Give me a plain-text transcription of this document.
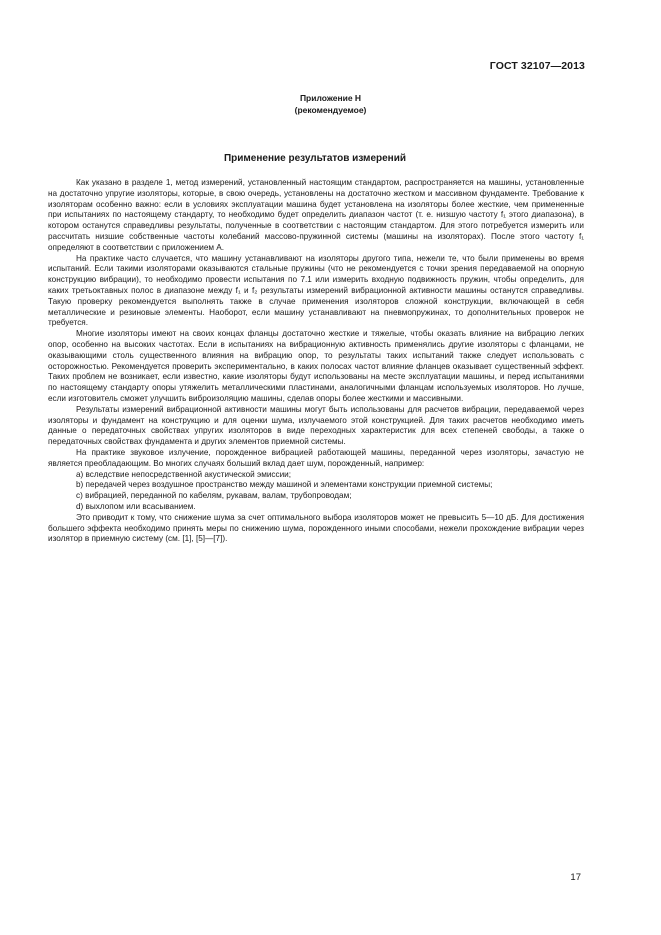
ГОСТ 32107—2013
Приложение Н
(рекомендуемое)
Применение результатов измерений

Как указано в разделе 1, метод измерений, установленный настоящим стандартом, распространяется на машины, установленные на достаточно упругие изоляторы, которые, в свою очередь, установлены на достаточно жестком и массивном фундаменте. Требование к изоляторам особенно важно: если в условиях эксплуатации машина будет установлена на изоляторы более жесткие, чем примененные при испытаниях по настоящему стандарту, то необходимо будет определить диапазон частот (т. е. низшую частоту f₁ этого диапазона), в котором останутся справедливы результаты, полученные в соответствии с настоящим стандартом. Для этого потребуется измерить или рассчитать низшие собственные частоты колебаний массово-пружинной системы (машины на изоляторах). После этого частоту f₁ определяют в соответствии с приложением А.

На практике часто случается, что машину устанавливают на изоляторы другого типа, нежели те, что были применены во время испытаний. Если такими изоляторами оказываются стальные пружины (что не рекомендуется с точки зрения передаваемой на опорную конструкцию вибрации), то необходимо провести испытания по 7.1 или измерить входную подвижность пружин, чтобы определить, для каких третьоктавных полос в диапазоне между f₁ и f₂ результаты измерений вибрационной активности машины останутся справедливы. Такую проверку рекомендуется выполнять также в случае применения изоляторов сложной конструкции, включающей в себя металлические и резиновые элементы. Наоборот, если машину устанавливают на пневмопружинах, то дополнительных проверок не требуется.

Многие изоляторы имеют на своих концах фланцы достаточно жесткие и тяжелые, чтобы оказать влияние на вибрацию легких опор, особенно на высоких частотах. Если в испытаниях на вибрационную активность применялись другие изоляторы с фланцами, не оказывающими столь существенного влияния на вибрацию опор, то результаты таких испытаний также следует использовать с осторожностью. Рекомендуется проверить экспериментально, в каких полосах частот влияние фланцев оказывает существенный эффект. Таких проблем не возникает, если известно, какие изоляторы будут использованы на месте эксплуатации машины, и перед испытаниями по настоящему стандарту опоры утяжелить металлическими пластинами, аналогичными фланцам используемых изоляторов. Но лучше, если изготовитель сможет улучшить виброизоляцию машины, сделав опоры более жесткими и массивными.

Результаты измерений вибрационной активности машины могут быть использованы для расчетов вибрации, передаваемой через изоляторы и фундамент на конструкцию и для оценки шума, излучаемого этой конструкцией. Для таких расчетов необходимо иметь данные о передаточных свойствах упругих изоляторов в виде переходных характеристик для всех степеней свободы, а также о передаточных свойствах фундамента и других элементов приемной системы.

На практике звуковое излучение, порожденное вибрацией работающей машины, переданной через изоляторы, зачастую не является преобладающим. Во многих случаях больший вклад дает шум, порожденный, например:

a) вследствие непосредственной акустической эмиссии;

b) передачей через воздушное пространство между машиной и элементами конструкции приемной системы;

c) вибрацией, переданной по кабелям, рукавам, валам, трубопроводам;

d) выхлопом или всасыванием.

Это приводит к тому, что снижение шума за счет оптимального выбора изоляторов может не превысить 5—10 дБ. Для достижения большего эффекта необходимо принять меры по снижению шума, порожденного иными способами, нежели прохождение вибрации через изолятор в приемную систему (см. [1], [5]—[7]).

17
